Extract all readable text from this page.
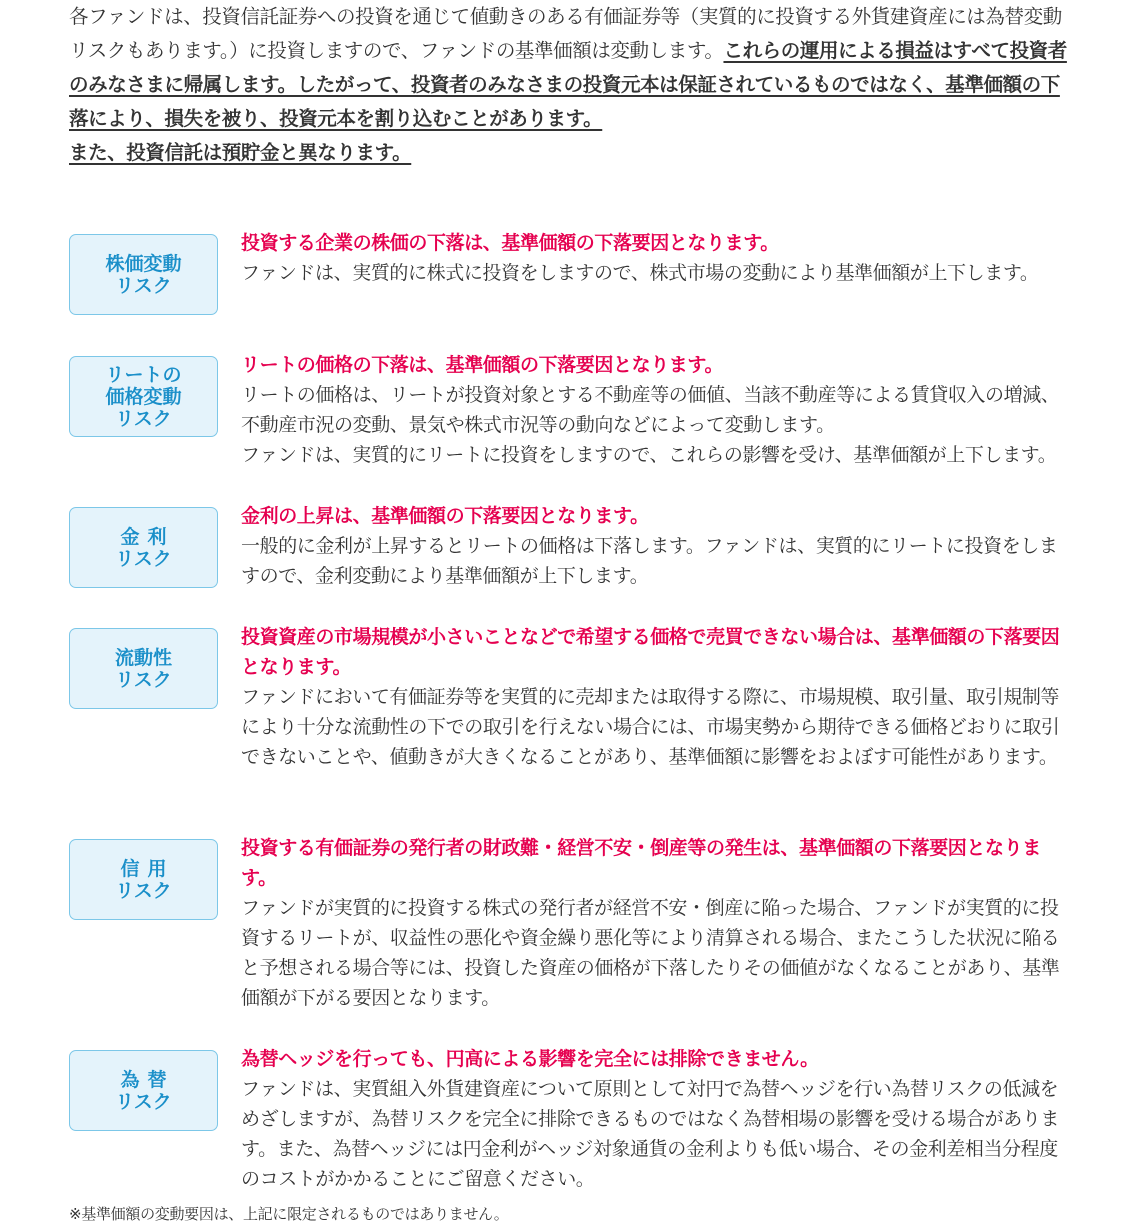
各ファンドは、投資信託証券への投資を通じて値動きのある有価証券等（実質的に投資する外貨建資産には為替変動リスクもあります。）に投資しますので、ファンドの基準価額は変動します。これらの運用による損益はすべて投資者のみなさまに帰属します。したがって、投資者のみなさまの投資元本は保証されているものではなく、基準価額の下落により、損失を被り、投資元本を割り込むことがあります。

また、投資信託は預貯金と異なります。

株価変動
リスク

投資する企業の株価の下落は、基準価額の下落要因となります。

ファンドは、実質的に株式に投資をしますので、株式市場の変動により基準価額が上下します。

リートの
価格変動
リスク

リートの価格の下落は、基準価額の下落要因となります。

リートの価格は、リートが投資対象とする不動産等の価値、当該不動産等による賃貸収入の増減、不動産市況の変動、景気や株式市況等の動向などによって変動します。

ファンドは、実質的にリートに投資をしますので、これらの影響を受け、基準価額が上下します。

金利
リスク

金利の上昇は、基準価額の下落要因となります。

一般的に金利が上昇するとリートの価格は下落します。ファンドは、実質的にリートに投資をしますので、金利変動により基準価額が上下します。

流動性
リスク

投資資産の市場規模が小さいことなどで希望する価格で売買できない場合は、基準価額の下落要因となります。

ファンドにおいて有価証券等を実質的に売却または取得する際に、市場規模、取引量、取引規制等により十分な流動性の下での取引を行えない場合には、市場実勢から期待できる価格どおりに取引できないことや、値動きが大きくなることがあり、基準価額に影響をおよぼす可能性があります。

信用
リスク

投資する有価証券の発行者の財政難・経営不安・倒産等の発生は、基準価額の下落要因となります。

ファンドが実質的に投資する株式の発行者が経営不安・倒産に陥った場合、ファンドが実質的に投資するリートが、収益性の悪化や資金繰り悪化等により清算される場合、またこうした状況に陥ると予想される場合等には、投資した資産の価格が下落したりその価値がなくなることがあり、基準価額が下がる要因となります。

為替
リスク

為替ヘッジを行っても、円高による影響を完全には排除できません。

ファンドは、実質組入外貨建資産について原則として対円で為替ヘッジを行い為替リスクの低減をめざしますが、為替リスクを完全に排除できるものではなく為替相場の影響を受ける場合があります。また、為替ヘッジには円金利がヘッジ対象通貨の金利よりも低い場合、その金利差相当分程度のコストがかかることにご留意ください。

※基準価額の変動要因は、上記に限定されるものではありません。
